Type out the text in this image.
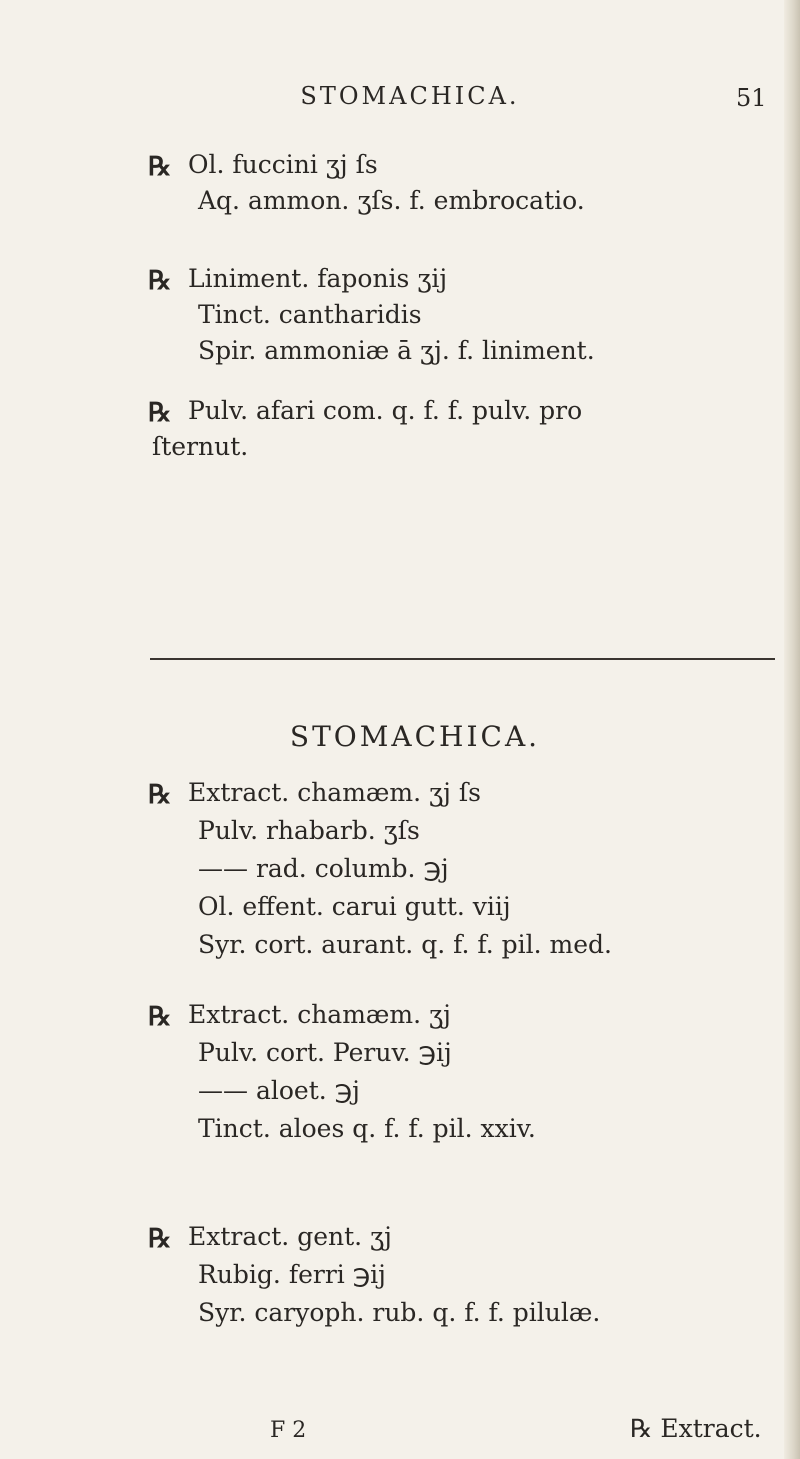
STOMACHICA.	51
℞ Ol. fuccini ʒj ſs
Aq. ammon. ʒſs. f. embrocatio.
℞ Liniment. faponis ʒij
Tinct. cantharidis
Spir. ammoniæ ā ʒj. f. liniment.
℞ Pulv. afari com. q. f. f. pulv. pro
ſternut.
STOMACHICA.
℞ Extract. chamæm. ʒj ſs
Pulv. rhabarb. ʒſs
—— rad. columb. ℈j
Ol. effent. carui gutt. viij
Syr. cort. aurant. q. f. f. pil. med.
℞ Extract. chamæm. ʒj
Pulv. cort. Peruv. ℈ij
—— aloet. ℈j
Tinct. aloes q. f. f. pil. xxiv.
℞ Extract. gent. ʒj
Rubig. ferri ℈ij
Syr. caryoph. rub. q. f. f. pilulæ.
F 2	℞ Extract.
